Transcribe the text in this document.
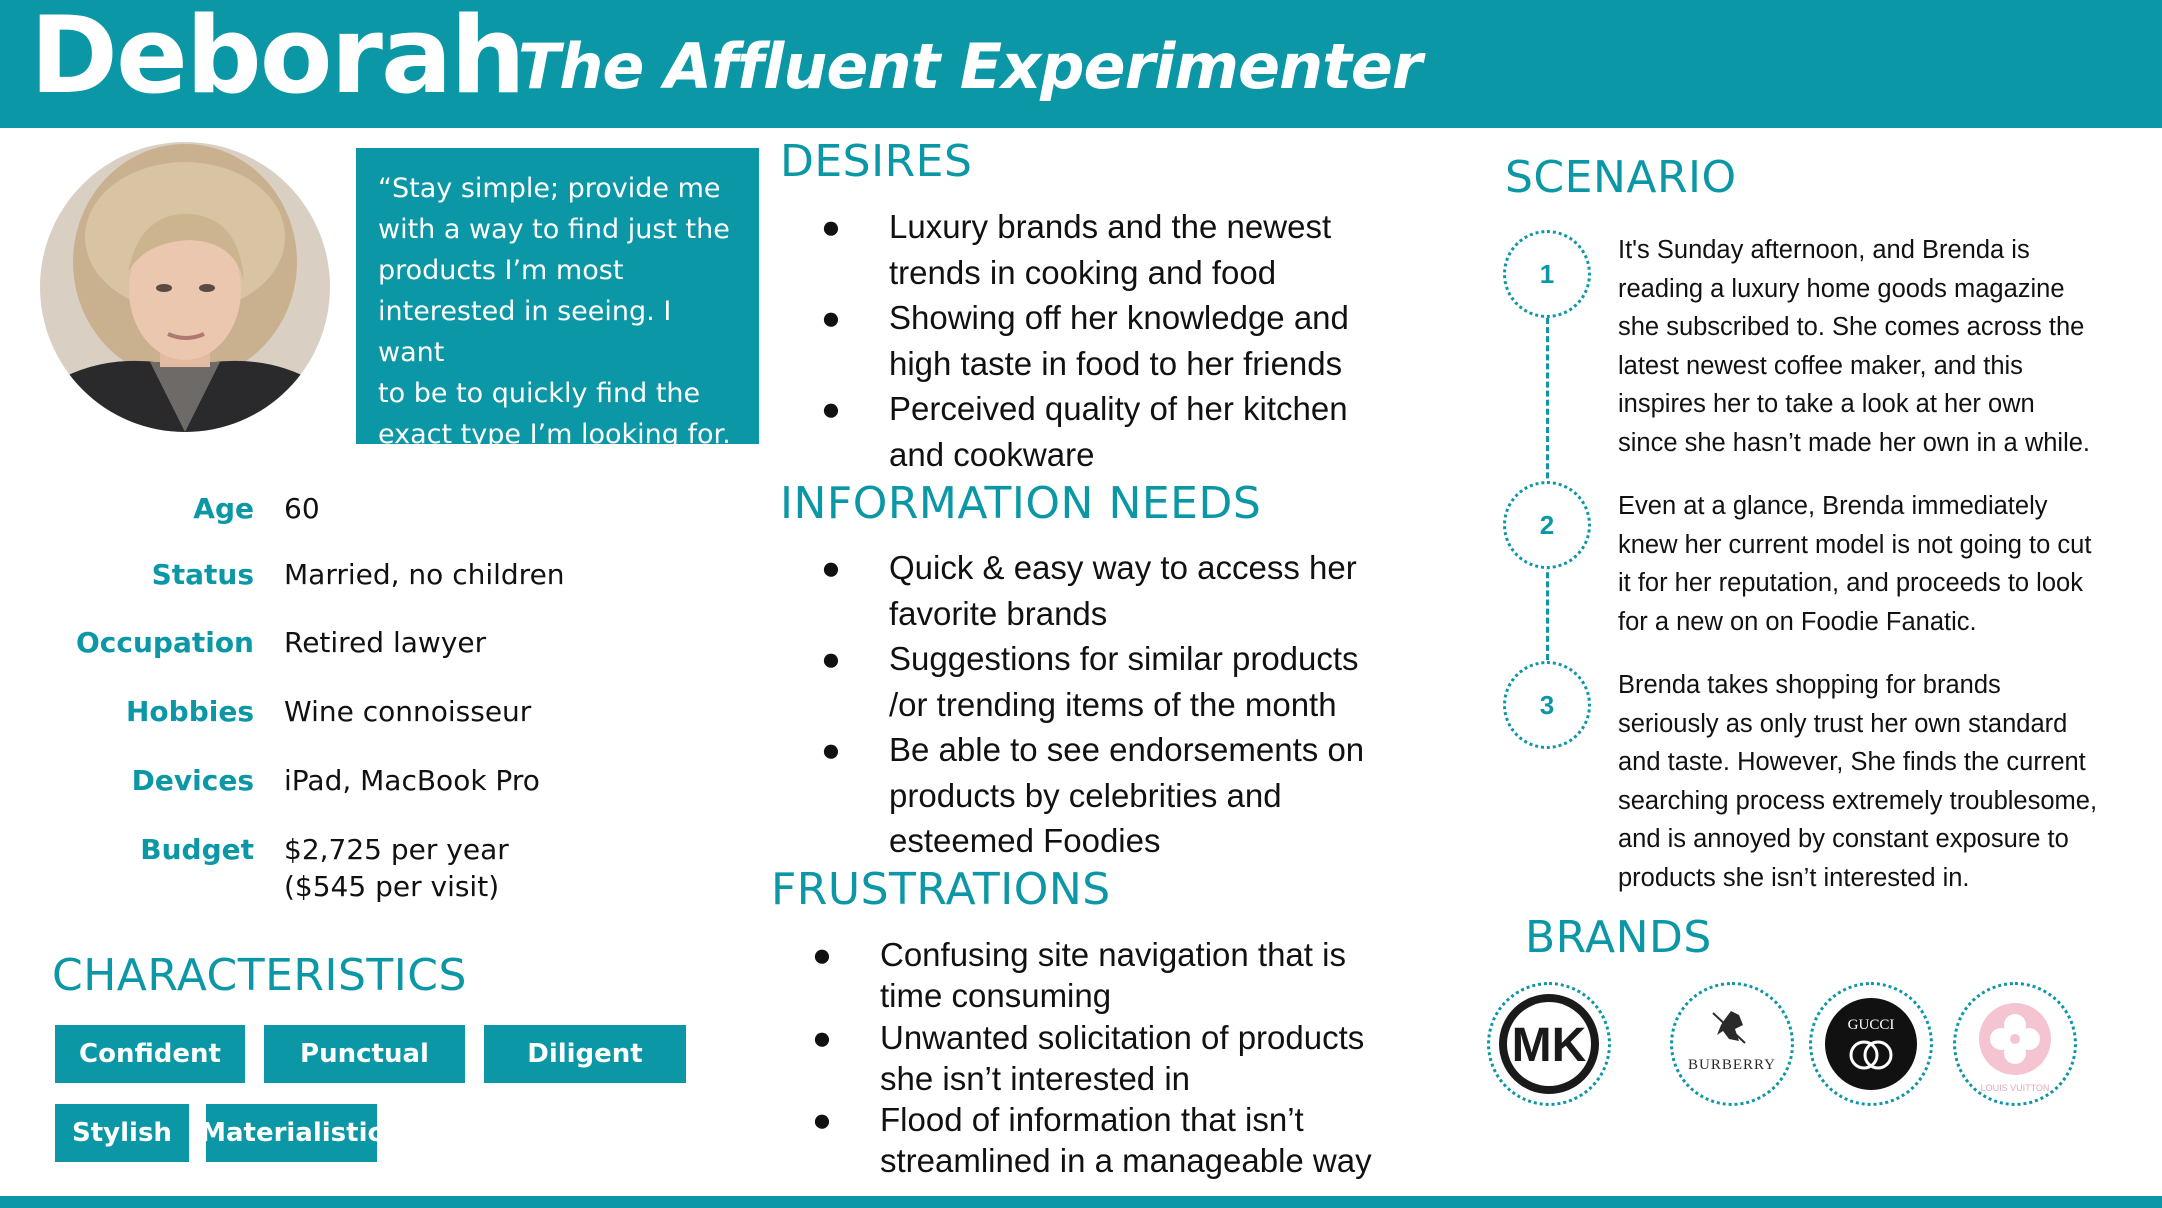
Deborah
The Affluent Experimenter

“Stay simple; provide me

with a way to find just the

products I’m most

interested in seeing. I want

to be to quickly find the

exact type I’m looking for. ”

Age 60
Status Married, no children
Occupation Retired lawyer
Hobbies Wine connoisseur
Devices iPad, MacBook Pro
Budget $2,725 per year
($545 per visit)
CHARACTERISTICS
Confident	Punctual	Diligent
Stylish	Materialistic
DESIRES
● Luxury brands and the newest
trends in cooking and food
● Showing off her knowledge and
high taste in food to her friends
● Perceived quality of her kitchen
and cookware
INFORMATION NEEDS
● Quick & easy way to access her
favorite brands
● Suggestions for similar products
/or trending items of the month
● Be able to see endorsements on
products by celebrities and
esteemed Foodies
FRUSTRATIONS
● Confusing site navigation that is
time consuming
● Unwanted solicitation of products
she isn’t interested in
● Flood of information that isn’t
streamlined in a manageable way
SCENARIO
1
It's Sunday afternoon, and Brenda is
reading a luxury home goods magazine
she subscribed to. She comes across the
latest newest coffee maker, and this
inspires her to take a look at her own
since she hasn’t made her own in a while.
2
Even at a glance, Brenda immediately
knew her current model is not going to cut
it for her reputation, and proceeds to look
for a new on on Foodie Fanatic.
3
Brenda takes shopping for brands
seriously as only trust her own standard
and taste. However, She finds the current
searching process extremely troublesome,
and is annoyed by constant exposure to
products she isn’t interested in.
BRANDS
MK	BURBERRY
GUCCI
LOUIS VUITTON
